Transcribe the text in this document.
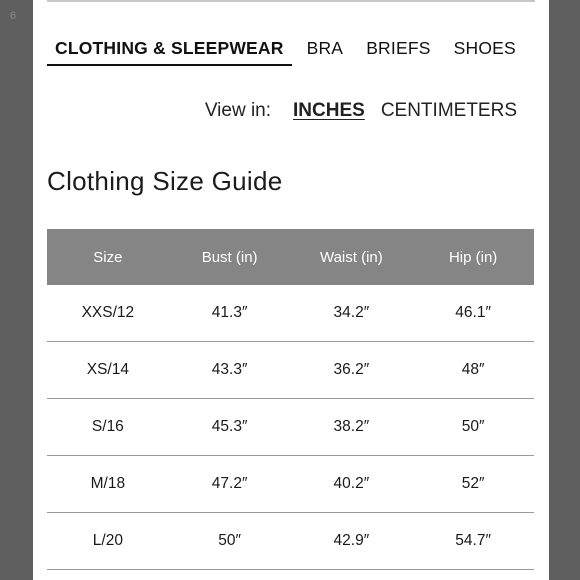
6
CLOTHING & SLEEPWEAR	BRA	BRIEFS	SHOES
View in: INCHES CENTIMETERS
Clothing Size Guide
Size	Bust (in)	Waist (in)	Hip (in)
XXS/12	41.3″	34.2″	46.1″
XS/14	43.3″	36.2″	48″
S/16	45.3″	38.2″	50″
M/18	47.2″	40.2″	52″
L/20	50″	42.9″	54.7″
